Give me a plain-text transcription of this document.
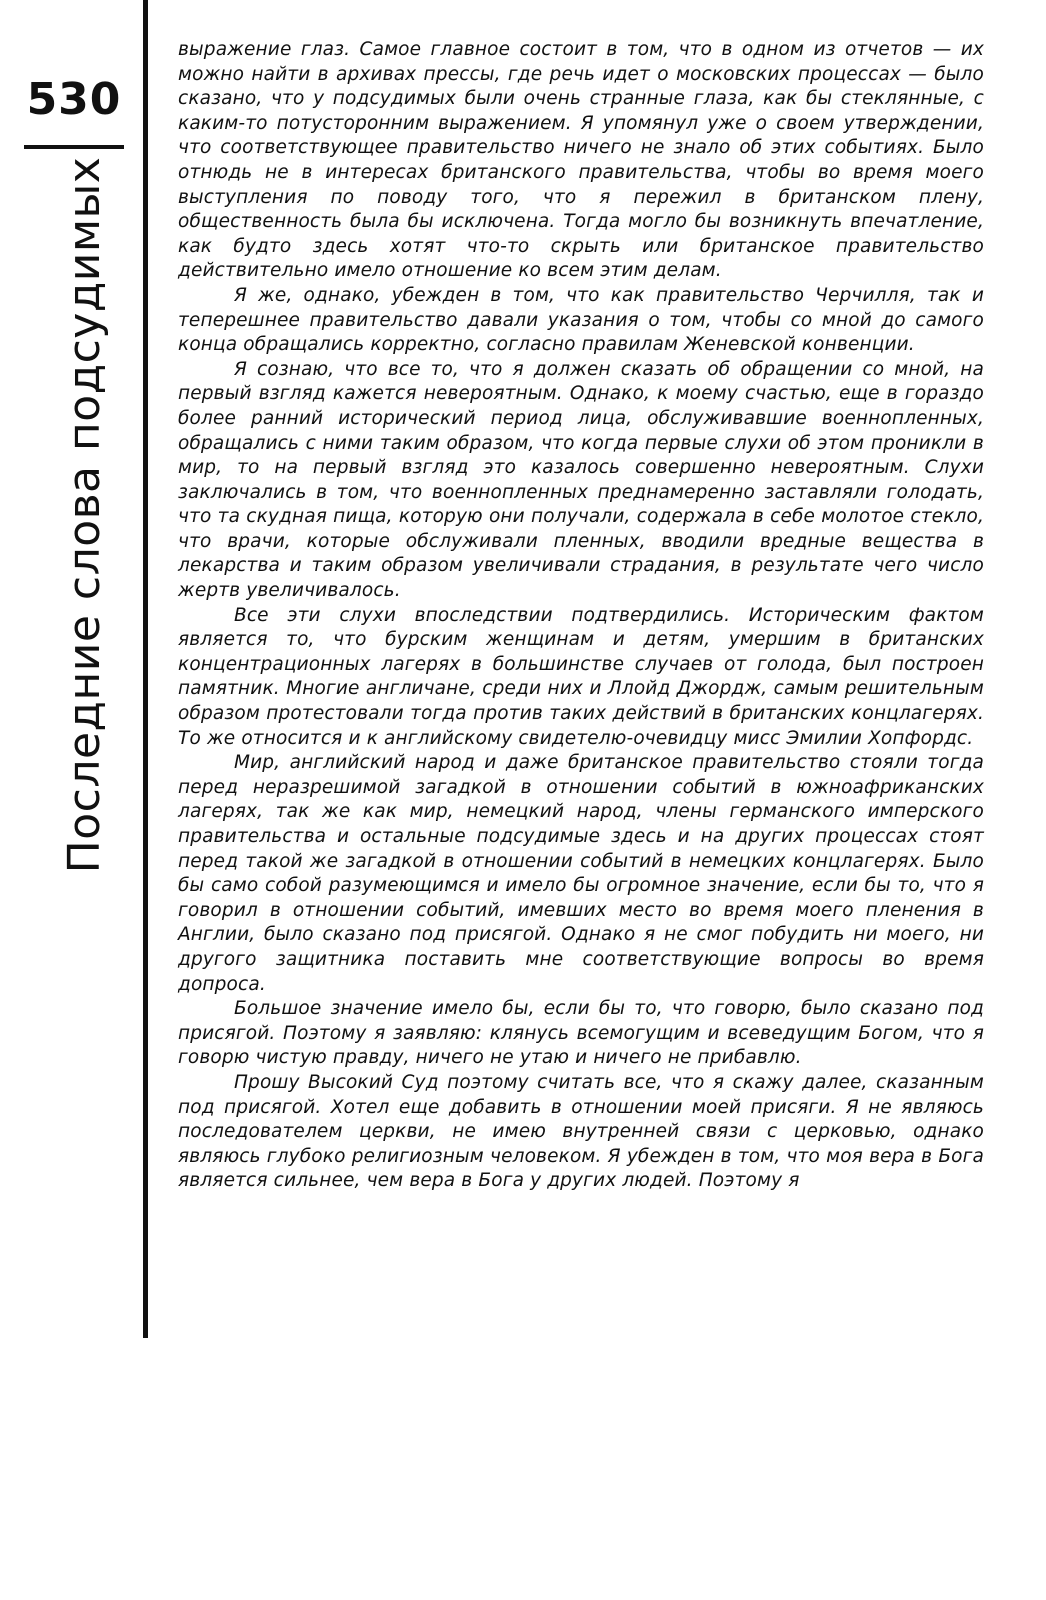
530
Последние слова подсудимых

выражение глаз. Самое главное состоит в том, что в одном из отчетов — их можно найти в архивах прессы, где речь идет о московских процессах — было сказано, что у подсудимых были очень странные глаза, как бы стеклянные, с каким-то потусторонним выражением. Я упомянул уже о своем утверждении, что соответствующее правительство ничего не знало об этих событиях. Было отнюдь не в интересах британского правительства, чтобы во время моего выступления по поводу того, что я пережил в британском плену, общественность была бы исключена. Тогда могло бы возникнуть впечатление, как будто здесь хотят что-то скрыть или британское правительство действительно имело отношение ко всем этим делам.

Я же, однако, убежден в том, что как правительство Черчилля, так и теперешнее правительство давали указания о том, чтобы со мной до самого конца обращались корректно, согласно правилам Женевской конвенции.

Я сознаю, что все то, что я должен сказать об обращении со мной, на первый взгляд кажется невероятным. Однако, к моему счастью, еще в гораздо более ранний исторический период лица, обслуживавшие военнопленных, обращались с ними таким образом, что когда первые слухи об этом проникли в мир, то на первый взгляд это казалось совершенно невероятным. Слухи заключались в том, что военнопленных преднамеренно заставляли голодать, что та скудная пища, которую они получали, содержала в себе молотое стекло, что врачи, которые обслуживали пленных, вводили вредные вещества в лекарства и таким образом увеличивали страдания, в результате чего число жертв увеличивалось.

Все эти слухи впоследствии подтвердились. Историческим фактом является то, что бурским женщинам и детям, умершим в британских концентрационных лагерях в большинстве случаев от голода, был построен памятник. Многие англичане, среди них и Ллойд Джордж, самым решительным образом протестовали тогда против таких действий в британских концлагерях. То же относится и к английскому свидетелю-очевидцу мисс Эмилии Хопфордс.

Мир, английский народ и даже британское правительство стояли тогда перед неразрешимой загадкой в отношении событий в южноафриканских лагерях, так же как мир, немецкий народ, члены германского имперского правительства и остальные подсудимые здесь и на других процессах стоят перед такой же загадкой в отношении событий в немецких концлагерях. Было бы само собой разумеющимся и имело бы огромное значение, если бы то, что я говорил в отношении событий, имевших место во время моего пленения в Англии, было сказано под присягой. Однако я не смог побудить ни моего, ни другого защитника поставить мне соответствующие вопросы во время допроса.

Большое значение имело бы, если бы то, что говорю, было сказано под присягой. Поэтому я заявляю: клянусь всемогущим и всеведущим Богом, что я говорю чистую правду, ничего не утаю и ничего не прибавлю.

Прошу Высокий Суд поэтому считать все, что я скажу далее, сказанным под присягой. Хотел еще добавить в отношении моей присяги. Я не являюсь последователем церкви, не имею внутренней связи с церковью, однако являюсь глубоко религиозным человеком. Я убежден в том, что моя вера в Бога является сильнее, чем вера в Бога у других людей. Поэтому я
